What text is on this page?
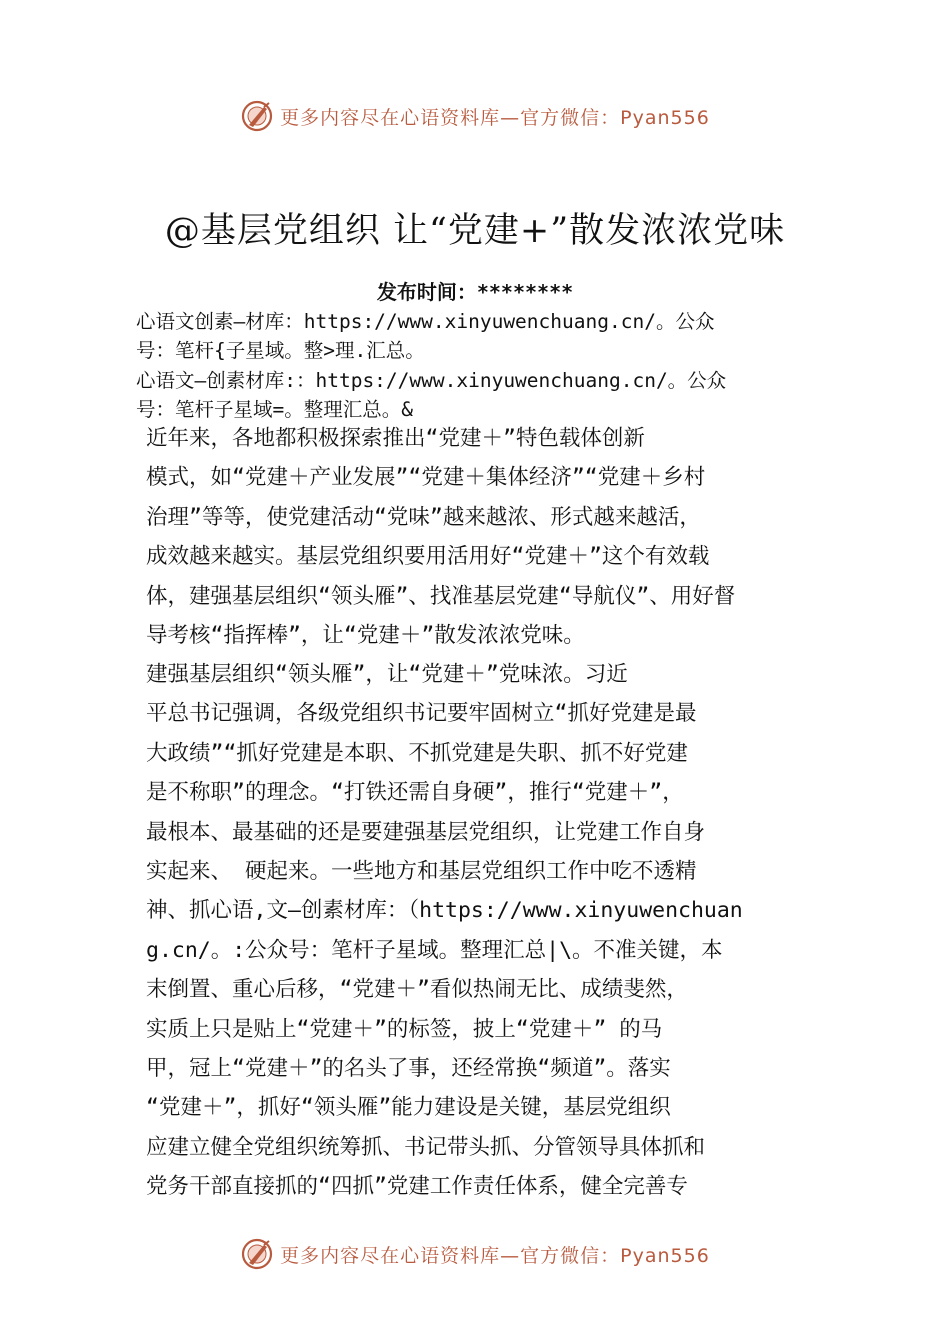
更多内容尽在心语资料库—官方微信：Pyan556
@基层党组织 让“党建+”散发浓浓党味
发布时间：********
心语文创素—材库：https://www.xinyuwenchuang.cn/。公众
号：笔杆{子星域。整>理.汇总。
心语文—创素材库:：https://www.xinyuwenchuang.cn/。公众
号：笔杆子星域=。整理汇总。&
近年来，各地都积极探索推出“党建＋”特色载体创新
模式，如“党建＋产业发展”“党建＋集体经济”“党建＋乡村
治理”等等，使党建活动“党味”越来越浓、形式越来越活，
成效越来越实。基层党组织要用活用好“党建＋”这个有效载
体，建强基层组织“领头雁”、找准基层党建“导航仪”、用好督
导考核“指挥棒”，让“党建＋”散发浓浓党味。
建强基层组织“领头雁”，让“党建＋”党味浓。习近
平总书记强调，各级党组织书记要牢固树立“抓好党建是最
大政绩”“抓好党建是本职、不抓党建是失职、抓不好党建
是不称职”的理念。“打铁还需自身硬”，推行“党建＋”，
最根本、最基础的还是要建强基层党组织，让党建工作自身
实起来、 硬起来。一些地方和基层党组织工作中吃不透精
神、抓心语,文—创素材库：（https://www.xinyuwenchuan
g.cn/。:公众号：笔杆子星域。整理汇总|\。不准关键，本
末倒置、重心后移，“党建＋”看似热闹无比、成绩斐然，
实质上只是贴上“党建＋”的标签，披上“党建＋” 的马
甲，冠上“党建＋”的名头了事，还经常换“频道”。落实
“党建＋”，抓好“领头雁”能力建设是关键，基层党组织
应建立健全党组织统筹抓、书记带头抓、分管领导具体抓和
党务干部直接抓的“四抓”党建工作责任体系，健全完善专
更多内容尽在心语资料库—官方微信：Pyan556
